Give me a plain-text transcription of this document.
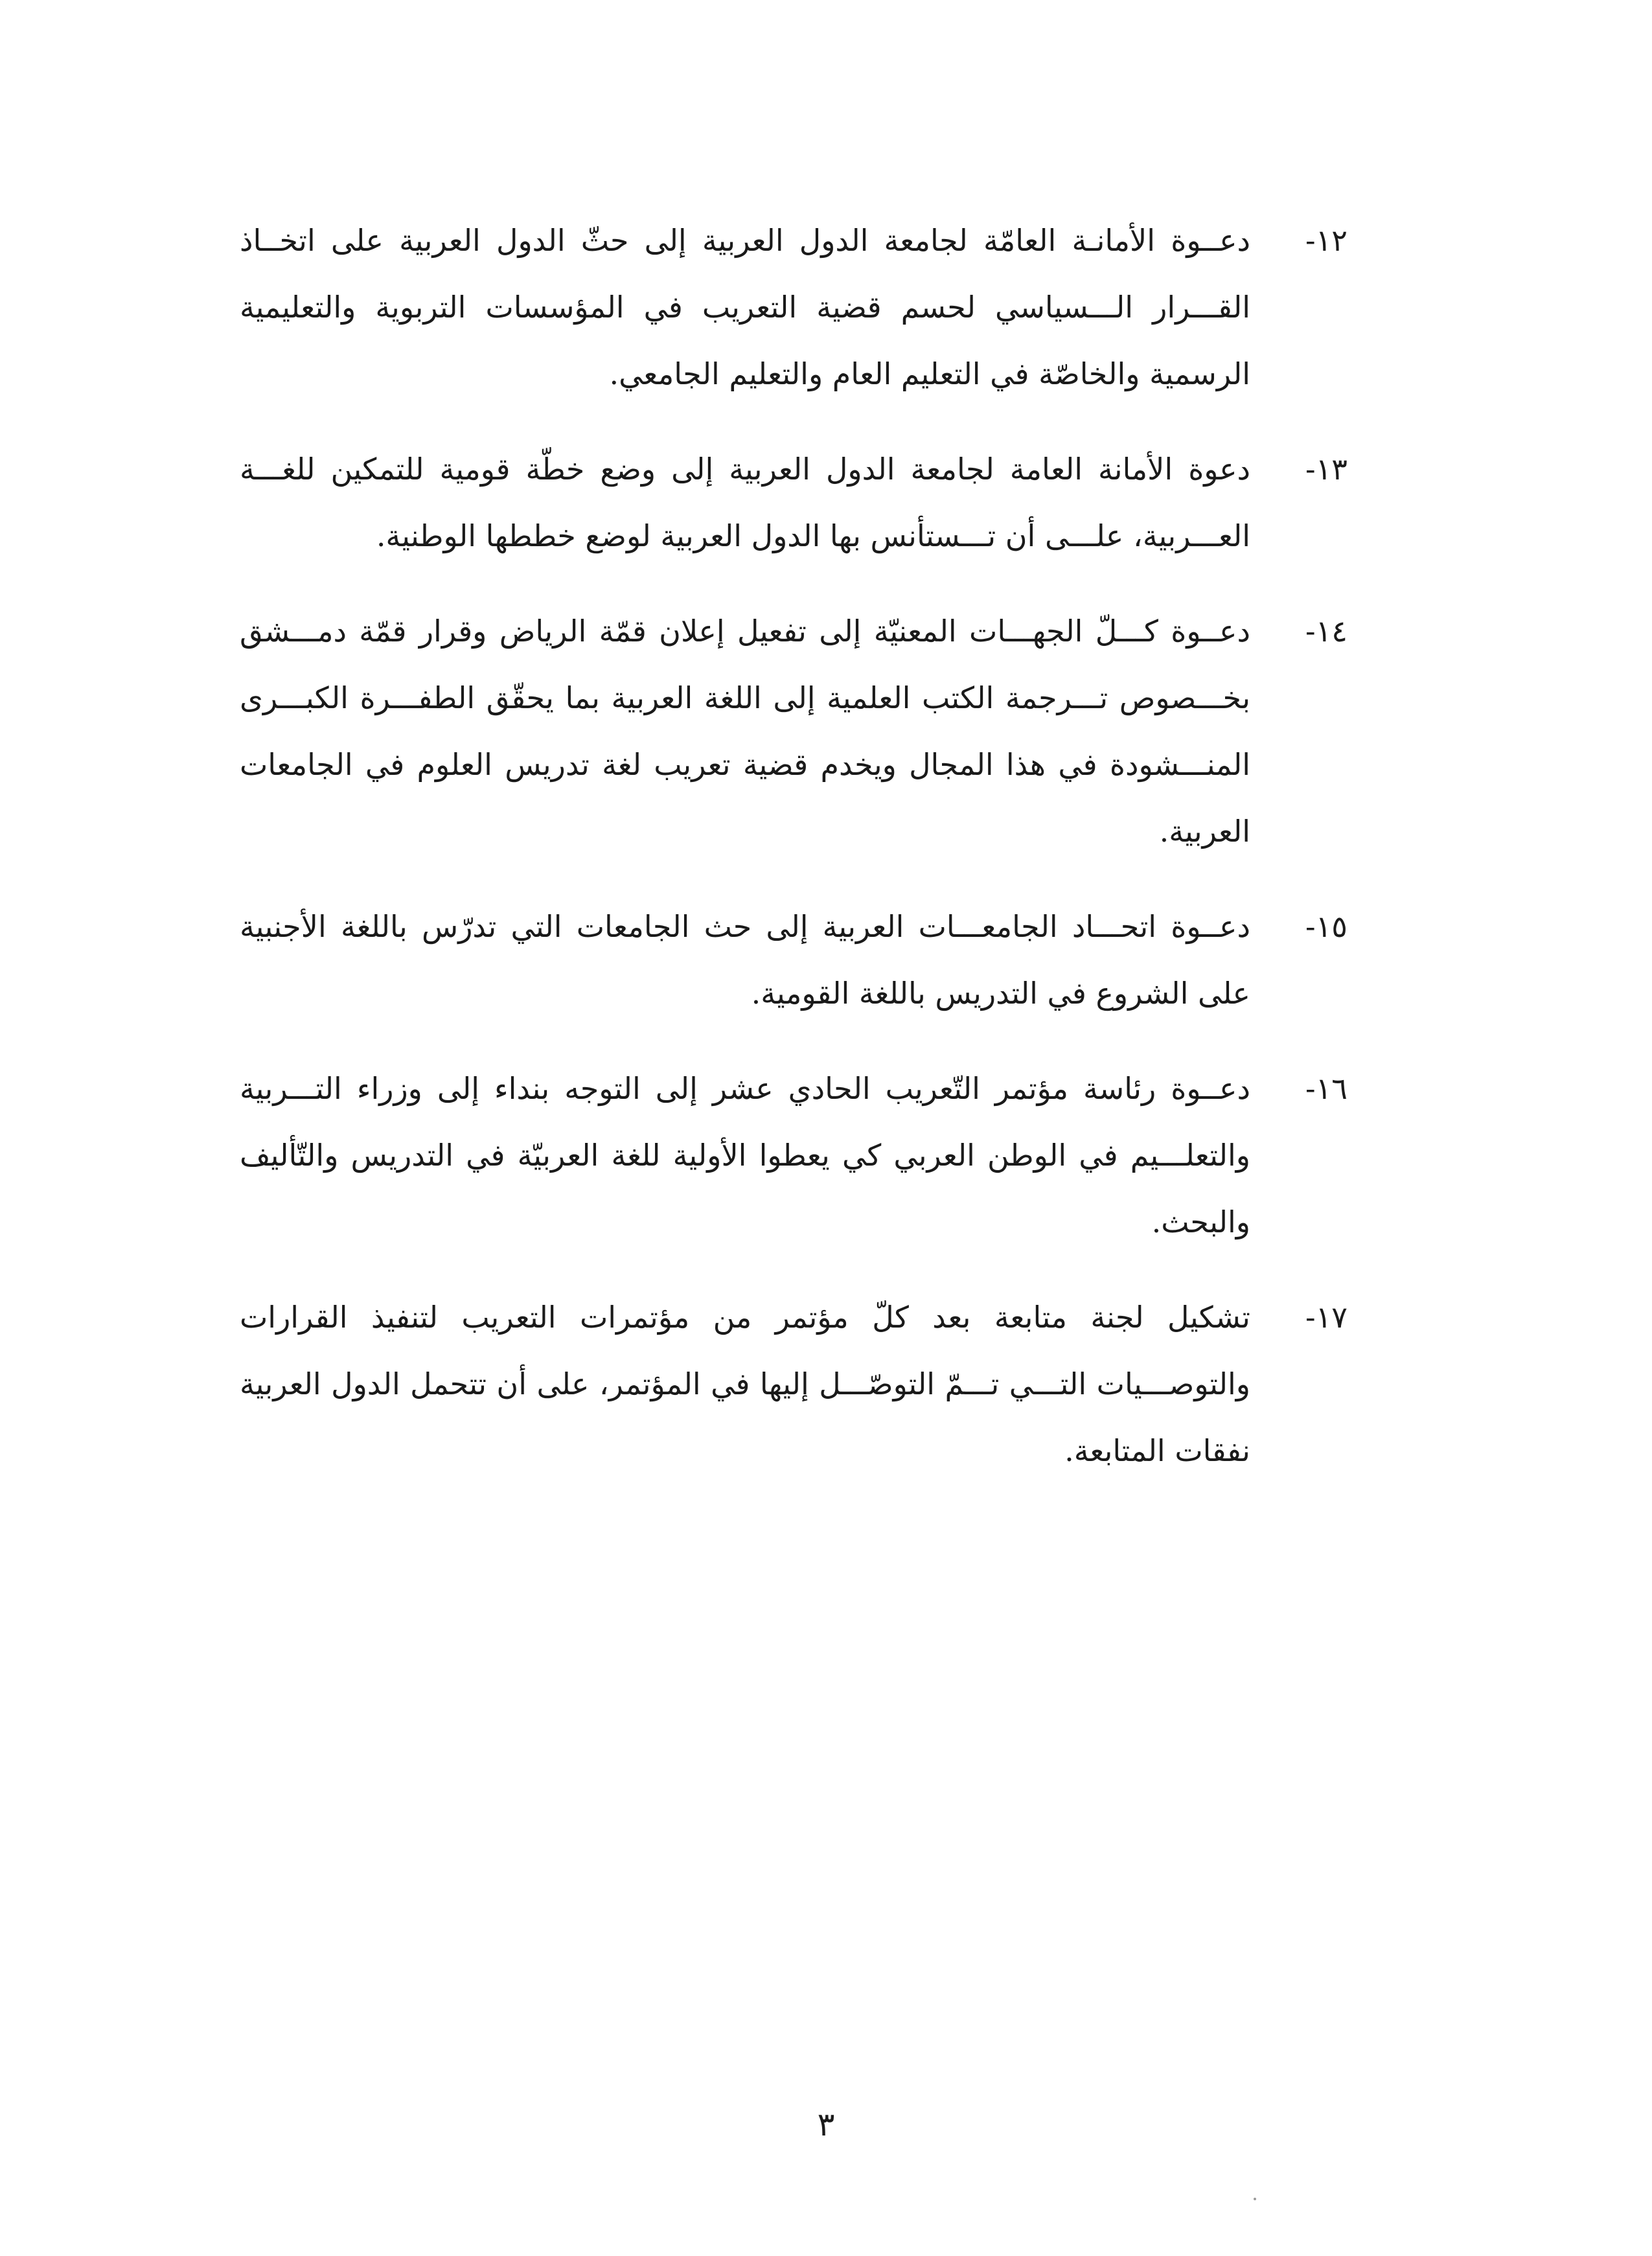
١٢-
دعــوة الأمانـة العامّة لجامعة الدول العربية إلى حثّ الدول العربية على اتخــاذ القـــرار الـــسياسي لحسم قضية التعريب في المؤسسات التربوية والتعليمية الرسمية والخاصّة في التعليم العام والتعليم الجامعي.
١٣-
دعوة الأمانة العامة لجامعة الدول العربية إلى وضع خطّة قومية للتمكين للغـــة العـــربية، علـــى أن تـــستأنس بها الدول العربية لوضع خططها الوطنية.
١٤-
دعــوة كـــلّ الجهـــات المعنيّة إلى تفعيل إعلان قمّة الرياض وقرار قمّة دمـــشق بخـــصوص تـــرجمة الكتب العلمية إلى اللغة العربية بما يحقّق الطفـــرة الكبـــرى المنـــشودة في هذا المجال ويخدم قضية تعريب لغة تدريس العلوم في الجامعات العربية.
١٥-
دعــوة اتحـــاد الجامعـــات العربية إلى حث الجامعات التي تدرّس باللغة الأجنبية على الشروع في التدريس باللغة القومية.
١٦-
دعــوة رئاسة مؤتمر التّعريب الحادي عشر إلى التوجه بنداء إلى وزراء التـــربية والتعلـــيم في الوطن العربي كي يعطوا الأولية للغة العربيّة في التدريس والتّأليف والبحث.
١٧-
تشكيل لجنة متابعة بعد كلّ مؤتمر من مؤتمرات التعريب لتنفيذ القرارات والتوصـــيات التـــي تـــمّ التوصّـــل إليها في المؤتمر، على أن تتحمل الدول العربية نفقات المتابعة.
٣
